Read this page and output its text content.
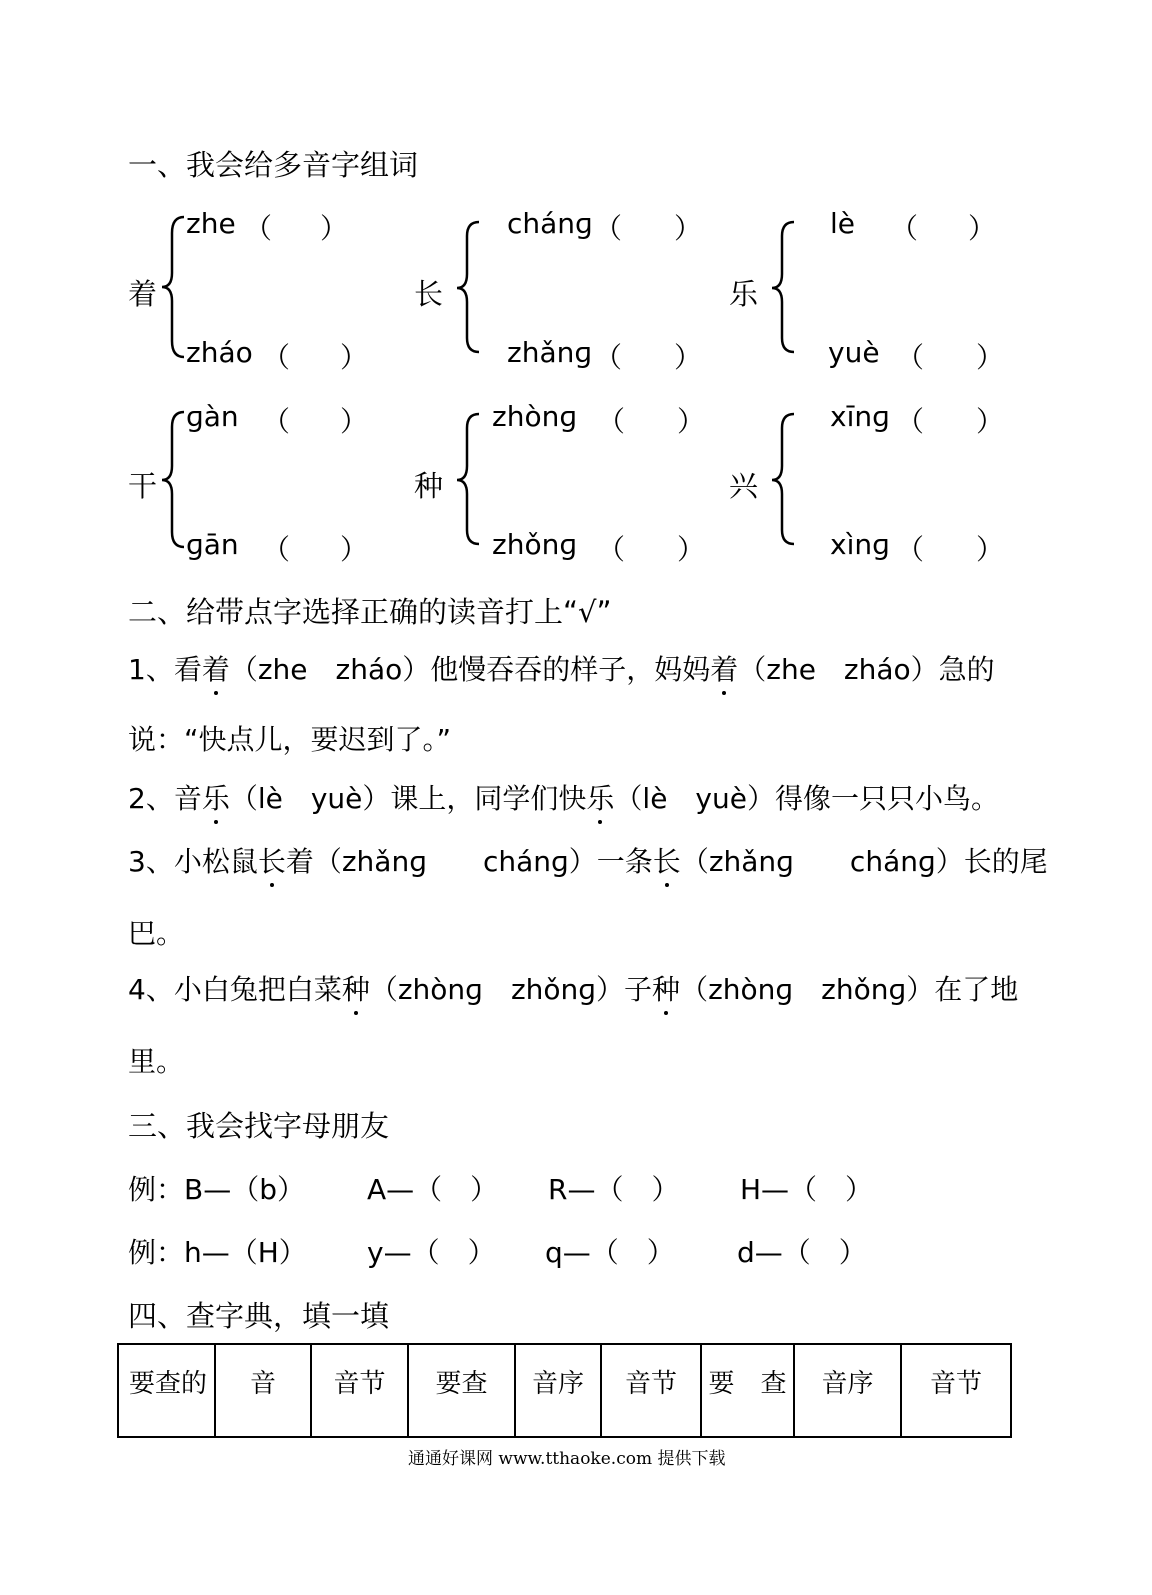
一、我会给多音字组词
着
zhe （ ）
zháo （ ）
长
chánɡ （ ）
zhǎnɡ （ ）
乐
lè （ ）
yuè （ ）
干
ɡàn （ ）
ɡān （ ）
种
zhònɡ （ ）
zhǒnɡ （ ）
兴
xīnɡ （ ）
xìnɡ （ ）
二、给带点字选择正确的读音打上“√”
1、看着（zhe　zháo）他慢吞吞的样子，妈妈着（zhe　zháo）急的
说：“快点儿，要迟到了。”
2、音乐（lè　yuè）课上，同学们快乐（lè　yuè）得像一只只小鸟。
3、小松鼠长着（zhǎnɡ　　chánɡ）一条长（zhǎnɡ　　chánɡ）长的尾
巴。
4、小白兔把白菜种（zhònɡ　zhǒnɡ）子种（zhònɡ　zhǒnɡ）在了地
里。
三、我会找字母朋友
例：B—（b） A—（　） R—（　） H—（　）
例：h—（H） y—（　） q—（　） d—（　）
四、查字典，填一填
要查的	音	音节	要查	音序	音节	要　查	音序	音节
通通好课网 www.tthaoke.com 提供下载
